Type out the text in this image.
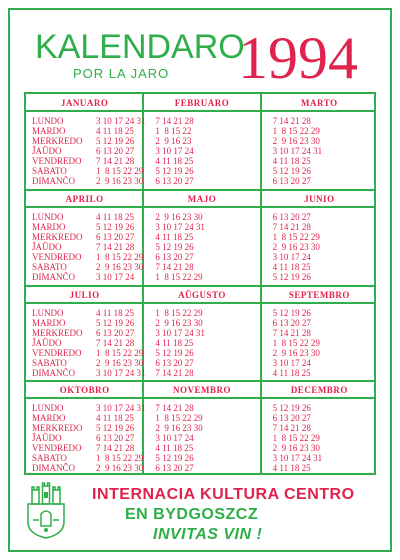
KALENDARO
POR LA JARO	1994
JANUARO
LUNDO
MARDO
MERKREDO
ĴAŬDO
VENDREDO
SABATO
DIMANĈO
3 10 17 24 31
4 11 18 25
5 12 19 26
6 13 20 27
7 14 21 28
1  8 15 22 29
2  9 16 23 30
FEBRUARO
7 14 21 28
1  8 15 22
2  9 16 23
3 10 17 24
4 11 18 25
5 12 19 26
6 13 20 27
MARTO
7 14 21 28
1  8 15 22 29
2  9 16 23 30
3 10 17 24 31
4 11 18 25
5 12 19 26
6 13 20 27
APRILO
LUNDO
MARDO
MERKREDO
ĴAŬDO
VENDREDO
SABATO
DIMANĈO
4 11 18 25
5 12 19 26
6 13 20 27
7 14 21 28
1  8 15 22 29
2  9 16 23 30
3 10 17 24
MAJO
2  9 16 23 30
3 10 17 24 31
4 11 18 25
5 12 19 26
6 13 20 27
7 14 21 28
1  8 15 22 29
JUNIO
6 13 20 27
7 14 21 28
1  8 15 22 29
2  9 16 23 30
3 10 17 24
4 11 18 25
5 12 19 26
JULIO
LUNDO
MARDO
MERKREDO
ĴAŬDO
VENDREDO
SABATO
DIMANĈO
4 11 18 25
5 12 19 26
6 13 20 27
7 14 21 28
1  8 15 22 29
2  9 16 23 30
3 10 17 24 31
AŬGUSTO
1  8 15 22 29
2  9 16 23 30
3 10 17 24 31
4 11 18 25
5 12 19 26
6 13 20 27
7 14 21 28
SEPTEMBRO
5 12 19 26
6 13 20 27
7 14 21 28
1  8 15 22 29
2  9 16 23 30
3 10 17 24
4 11 18 25
OKTOBRO
LUNDO
MARDO
MERKREDO
ĴAŬDO
VENDREDO
SABATO
DIMANĈO
3 10 17 24 31
4 11 18 25
5 12 19 26
6 13 20 27
7 14 21 28
1  8 15 22 29
2  9 16 23 30
NOVEMBRO
7 14 21 28
1  8 15 22 29
2  9 16 23 30
3 10 17 24
4 11 18 25
5 12 19 26
6 13 20 27
DECEMBRO
5 12 19 26
6 13 20 27
7 14 21 28
1  8 15 22 29
2  9 16 23 30
3 10 17 24 31
4 11 18 25
INTERNACIA KULTURA CENTRO
EN BYDGOSZCZ
INVITAS VIN !
